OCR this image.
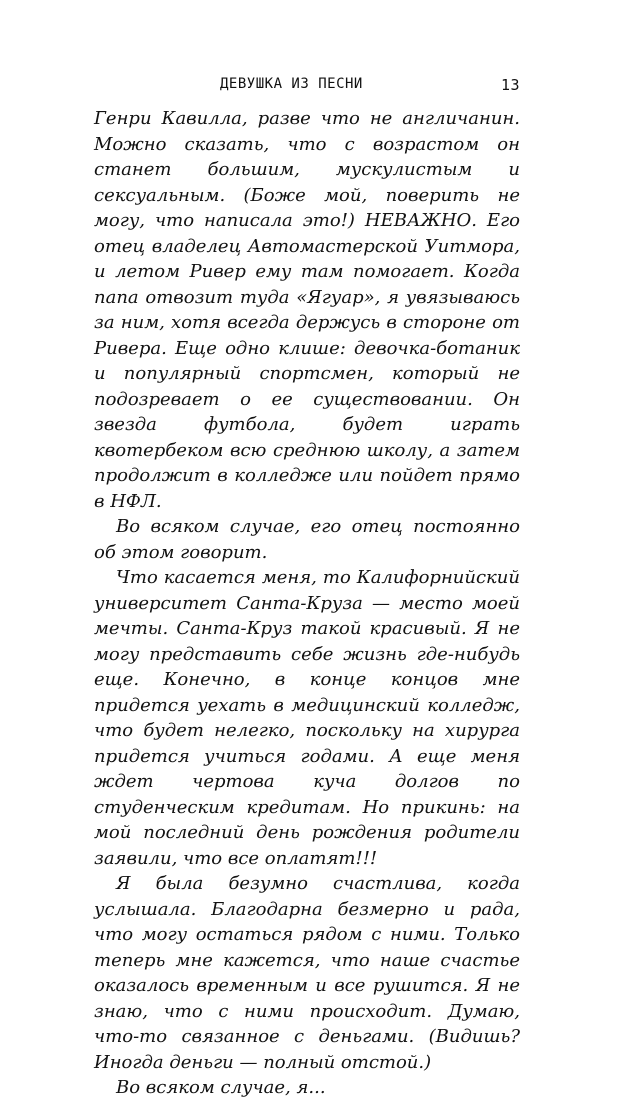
ДЕВУШКА ИЗ ПЕСНИ	13

Генри Кавилла, разве что не англичанин. Можно сказать, что с возрастом он станет большим, мускулистым и сексуальным. (Боже мой, поверить не могу, что написала это!) НЕВАЖНО. Его отец владелец Автомастерской Уитмора, и летом Ривер ему там помогает. Когда папа отвозит туда «Ягуар», я увязываюсь за ним, хотя всегда держусь в стороне от Ривера. Еще одно клише: девочка-ботаник и популярный спортсмен, который не подозревает о ее существовании. Он звезда футбола, будет играть квотербеком всю среднюю школу, а затем продолжит в колледже или пойдет прямо в НФЛ.

Во всяком случае, его отец постоянно об этом говорит.

Что касается меня, то Калифорнийский университет Санта-Круза — место моей мечты. Санта-Круз такой красивый. Я не могу представить себе жизнь где-нибудь еще. Конечно, в конце концов мне придется уехать в медицинский колледж, что будет нелегко, поскольку на хирурга придется учиться годами. А еще меня ждет чертова куча долгов по студенческим кредитам. Но прикинь: на мой последний день рождения родители заявили, что все оплатят!!!

Я была безумно счастлива, когда услышала. Благодарна безмерно и рада, что могу остаться рядом с ними. Только теперь мне кажется, что наше счастье оказалось временным и все рушится. Я не знаю, что с ними происходит. Думаю, что-то связанное с деньгами. (Видишь? Иногда деньги — полный отстой.)

Во всяком случае, я...
